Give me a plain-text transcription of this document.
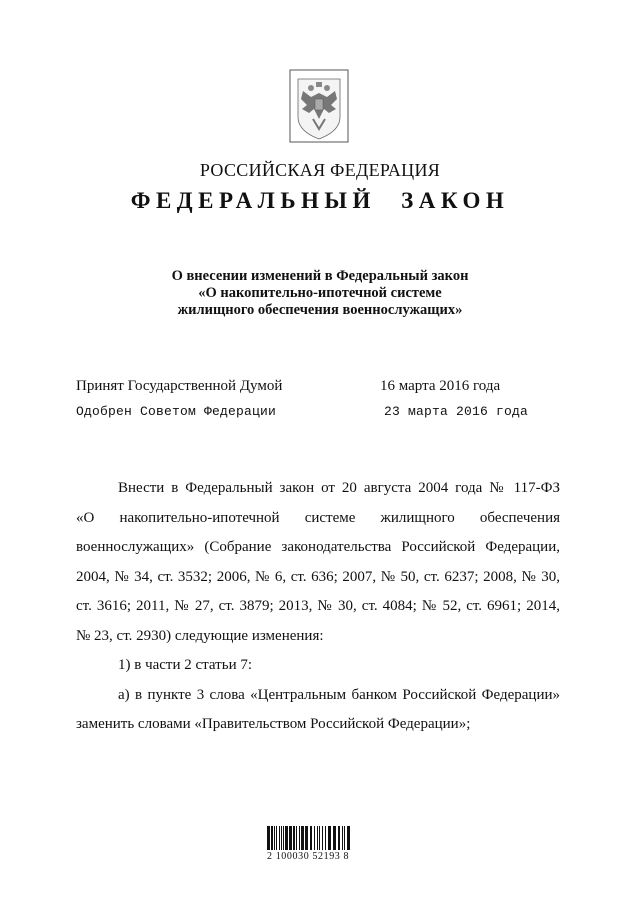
РОССИЙСКАЯ ФЕДЕРАЦИЯ
ФЕДЕРАЛЬНЫЙ ЗАКОН
О внесении изменений в Федеральный закон
«О накопительно-ипотечной системе
жилищного обеспечения военнослужащих»
Принят Государственной Думой	16 марта 2016 года
Одобрен Советом Федерации	23 марта 2016 года

Внести в Федеральный закон от 20 августа 2004 года № 117-ФЗ

«О накопительно-ипотечной системе жилищного обеспечения

военнослужащих» (Собрание законодательства Российской Федерации,

2004, № 34, ст. 3532; 2006, № 6, ст. 636; 2007, № 50, ст. 6237; 2008, № 30,

ст. 3616; 2011, № 27, ст. 3879; 2013, № 30, ст. 4084; № 52, ст. 6961; 2014,

№ 23, ст. 2930) следующие изменения:

1) в части 2 статьи 7:

а) в пункте 3 слова «Центральным банком Российской Федерации»

заменить словами «Правительством Российской Федерации»;

2 100030 52193 8
